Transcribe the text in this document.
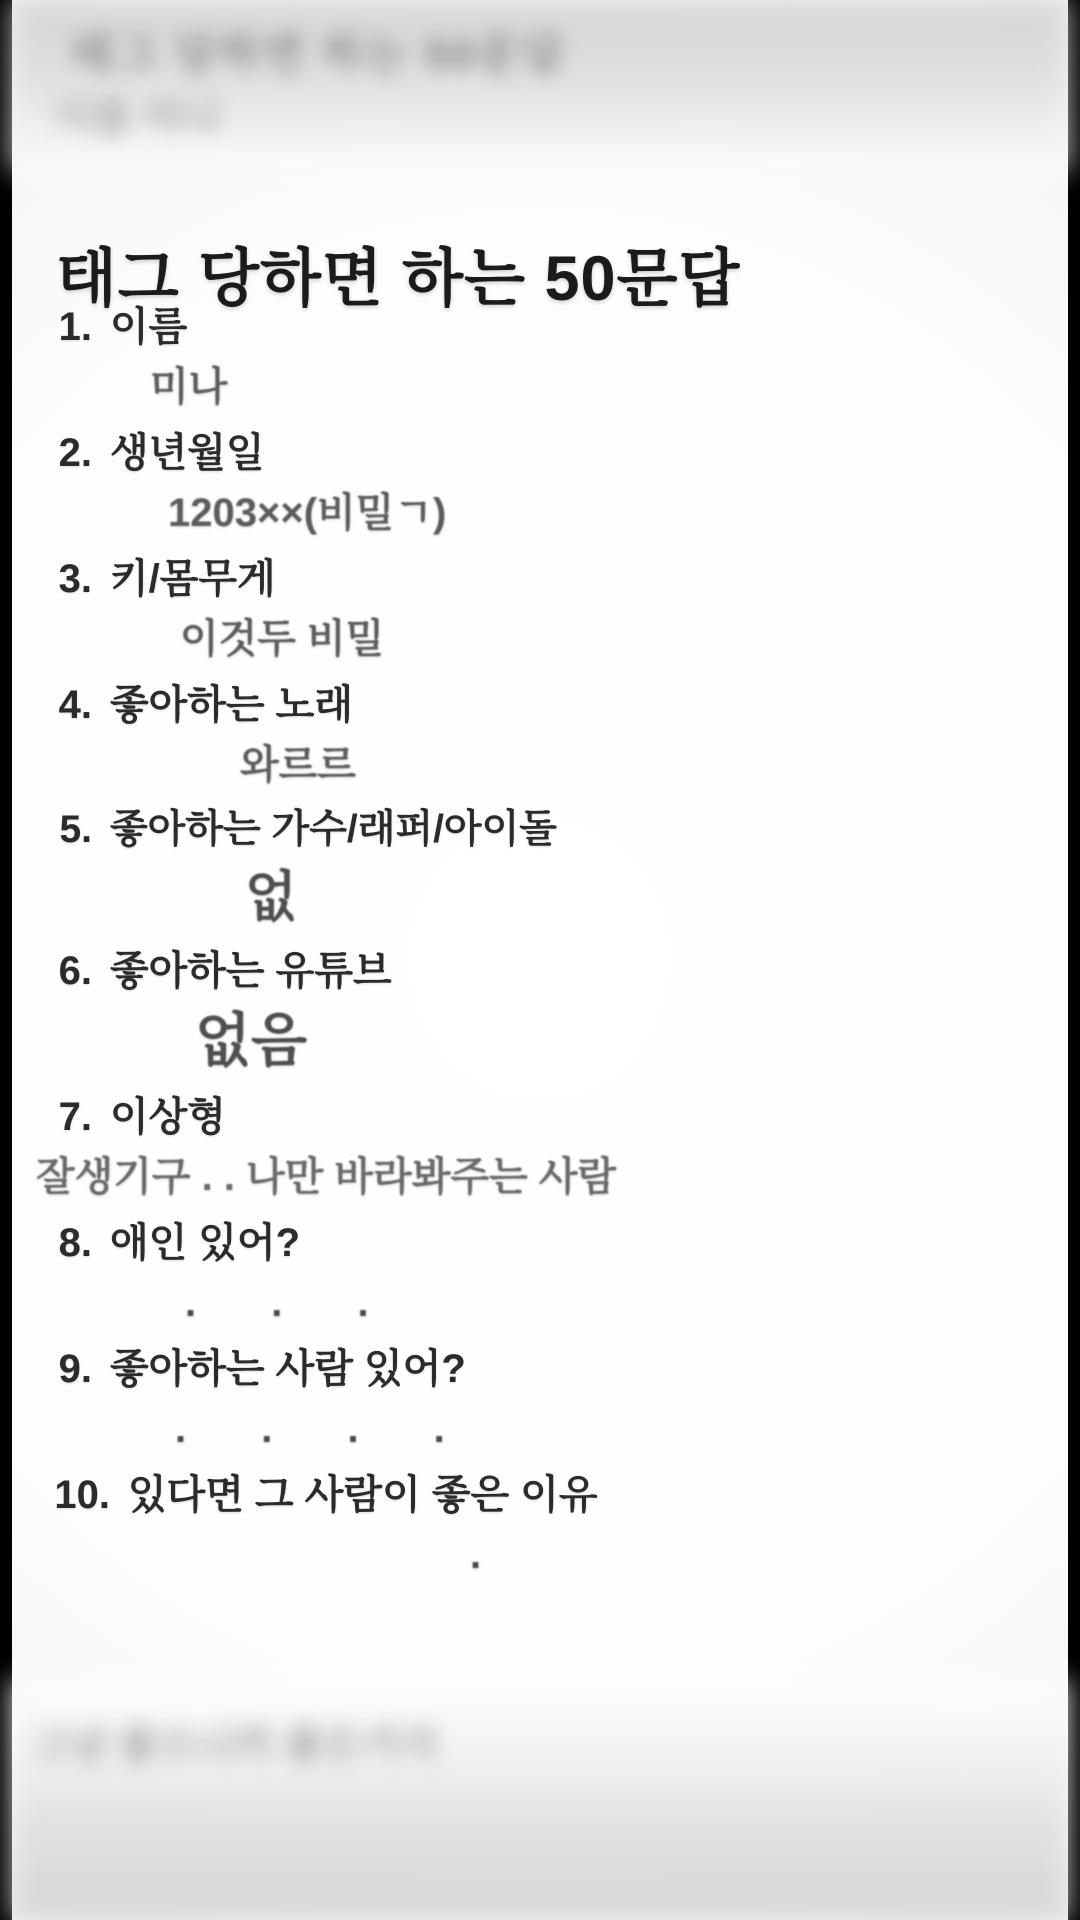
태그 당하면 하는 50문답
이름 미나
태그 당하면 하는 50문답
1. 이름
미나
2. 생년월일
1203××(비밀ㄱ)
3. 키/몸무게
이것두 비밀
4. 좋아하는 노래
와르르
5. 좋아하는 가수/래퍼/아이돌
없
6. 좋아하는 유튜브
없음
7. 이상형
잘생기구 . . 나만 바라봐주는 사람
8. 애인 있어?
. . .
9. 좋아하는 사람 있어?
. . . .
10. 있다면 그 사람이 좋은 이유
.
그냥 좋으니까 좋은거지
